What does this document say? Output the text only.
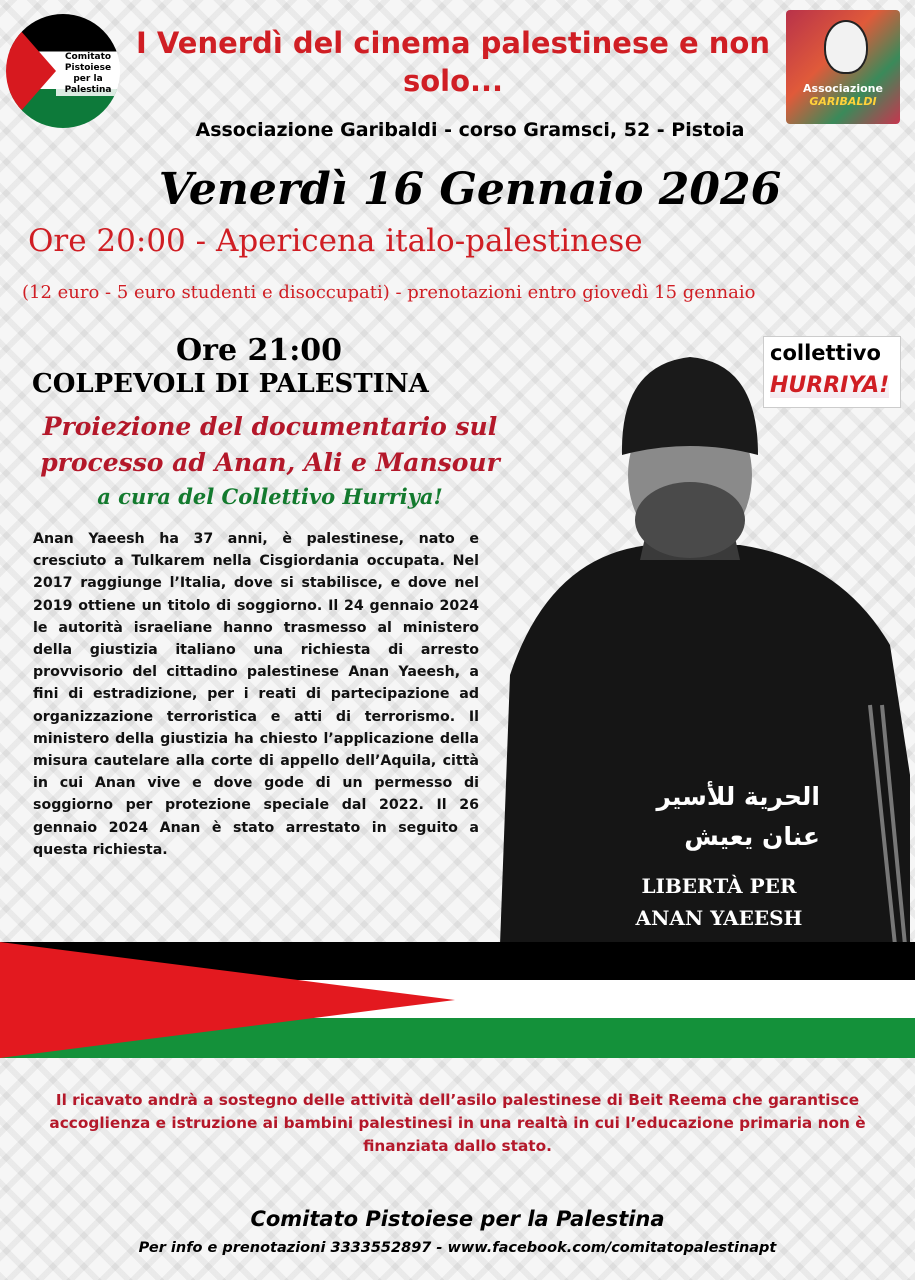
Comitato Pistoiese per la Palestina	Associazione
GARIBALDI
I Venerdì del cinema palestinese e non solo...
Associazione Garibaldi - corso Gramsci, 52 - Pistoia
Venerdì 16 Gennaio 2026
Ore 20:00 - Apericena italo-palestinese
(12 euro - 5 euro studenti e disoccupati) - prenotazioni entro giovedì 15 gennaio
Ore 21:00
COLPEVOLI DI PALESTINA
Proiezione del documentario sul processo ad Anan, Ali e Mansour
a cura del Collettivo Hurriya!
Anan Yaeesh ha 37 anni, è palestinese, nato e cresciuto a Tulkarem nella Cisgiordania occupata. Nel 2017 raggiunge l’Italia, dove si stabilisce, e dove nel 2019 ottiene un titolo di soggiorno. Il 24 gennaio 2024 le autorità israeliane hanno trasmesso al ministero della giustizia italiano una richiesta di arresto provvisorio del cittadino palestinese Anan Yaeesh, a fini di estradizione, per i reati di partecipazione ad organizzazione terroristica e atti di terrorismo. Il ministero della giustizia ha chiesto l’applicazione della misura cautelare alla corte di appello dell’Aquila, città in cui Anan vive e dove gode di un permesso di soggiorno per protezione speciale dal 2022. Il 26 gennaio 2024 Anan è stato arrestato in seguito a questa richiesta.
collettivo
HURRIYA!
الحرية للأسير
عنان يعيش
LIBERTÀ PER
ANAN YAEESH
Il ricavato andrà a sostegno delle attività dell’asilo palestinese di Beit Reema che garantisce accoglienza e istruzione ai bambini palestinesi in una realtà in cui l’educazione primaria non è finanziata dallo stato.
Comitato Pistoiese per la Palestina
Per info e prenotazioni 3333552897 - www.facebook.com/comitatopalestinapt
